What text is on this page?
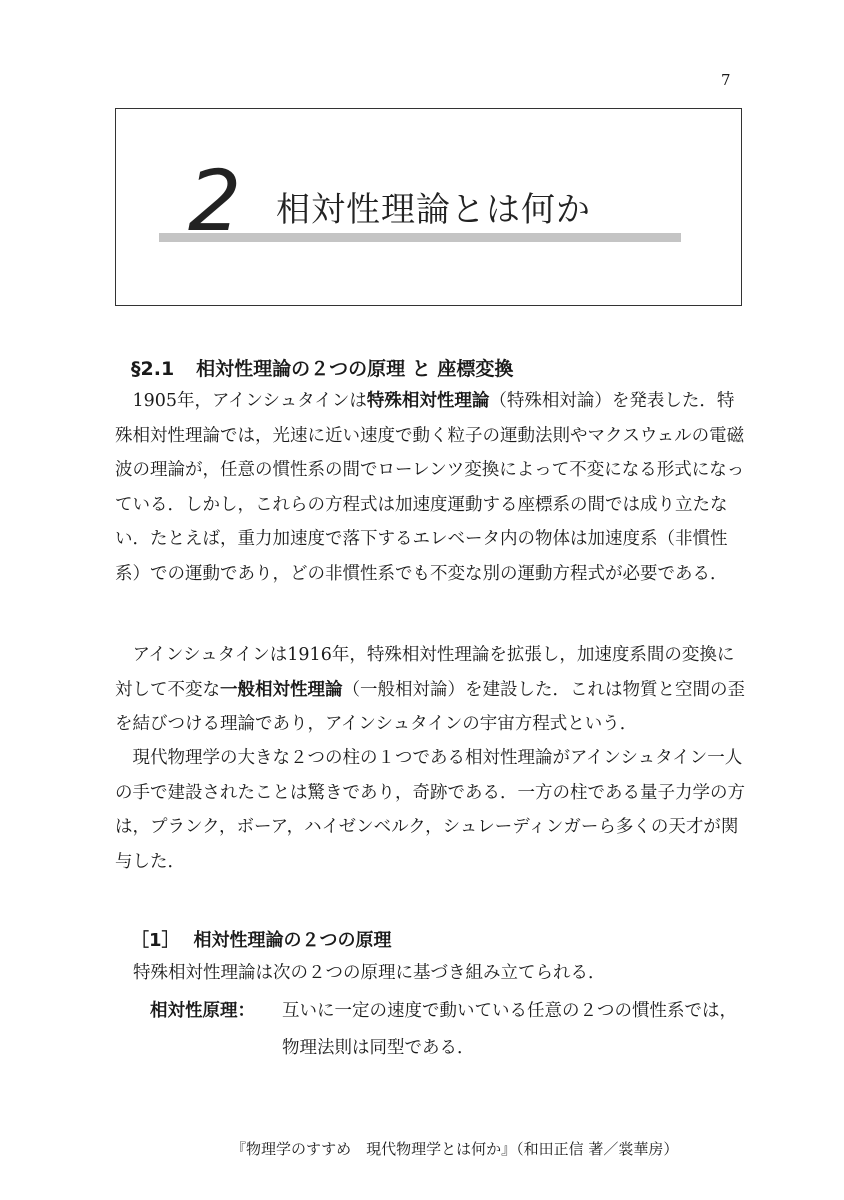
7
2 相対性理論とは何か
§2.1 相対性理論の２つの原理 と 座標変換

1905年，アインシュタインは特殊相対性理論（特殊相対論）を発表した．特殊相対性理論では，光速に近い速度で動く粒子の運動法則やマクスウェルの電磁波の理論が，任意の慣性系の間でローレンツ変換によって不変になる形式になっている．しかし，これらの方程式は加速度運動する座標系の間では成り立たない．たとえば，重力加速度で落下するエレベータ内の物体は加速度系（非慣性系）での運動であり，どの非慣性系でも不変な別の運動方程式が必要である．

アインシュタインは1916年，特殊相対性理論を拡張し，加速度系間の変換に対して不変な一般相対性理論（一般相対論）を建設した．これは物質と空間の歪を結びつける理論であり，アインシュタインの宇宙方程式という．

現代物理学の大きな２つの柱の１つである相対性理論がアインシュタイン一人の手で建設されたことは驚きであり，奇跡である．一方の柱である量子力学の方は，プランク，ボーア，ハイゼンベルク，シュレーディンガーら多くの天才が関与した．

［1］ 相対性理論の２つの原理
特殊相対性理論は次の２つの原理に基づき組み立てられる．
相対性原理： 互いに一定の速度で動いている任意の２つの慣性系では，物理法則は同型である．
『物理学のすすめ　現代物理学とは何か』（和田正信 著／裳華房）
